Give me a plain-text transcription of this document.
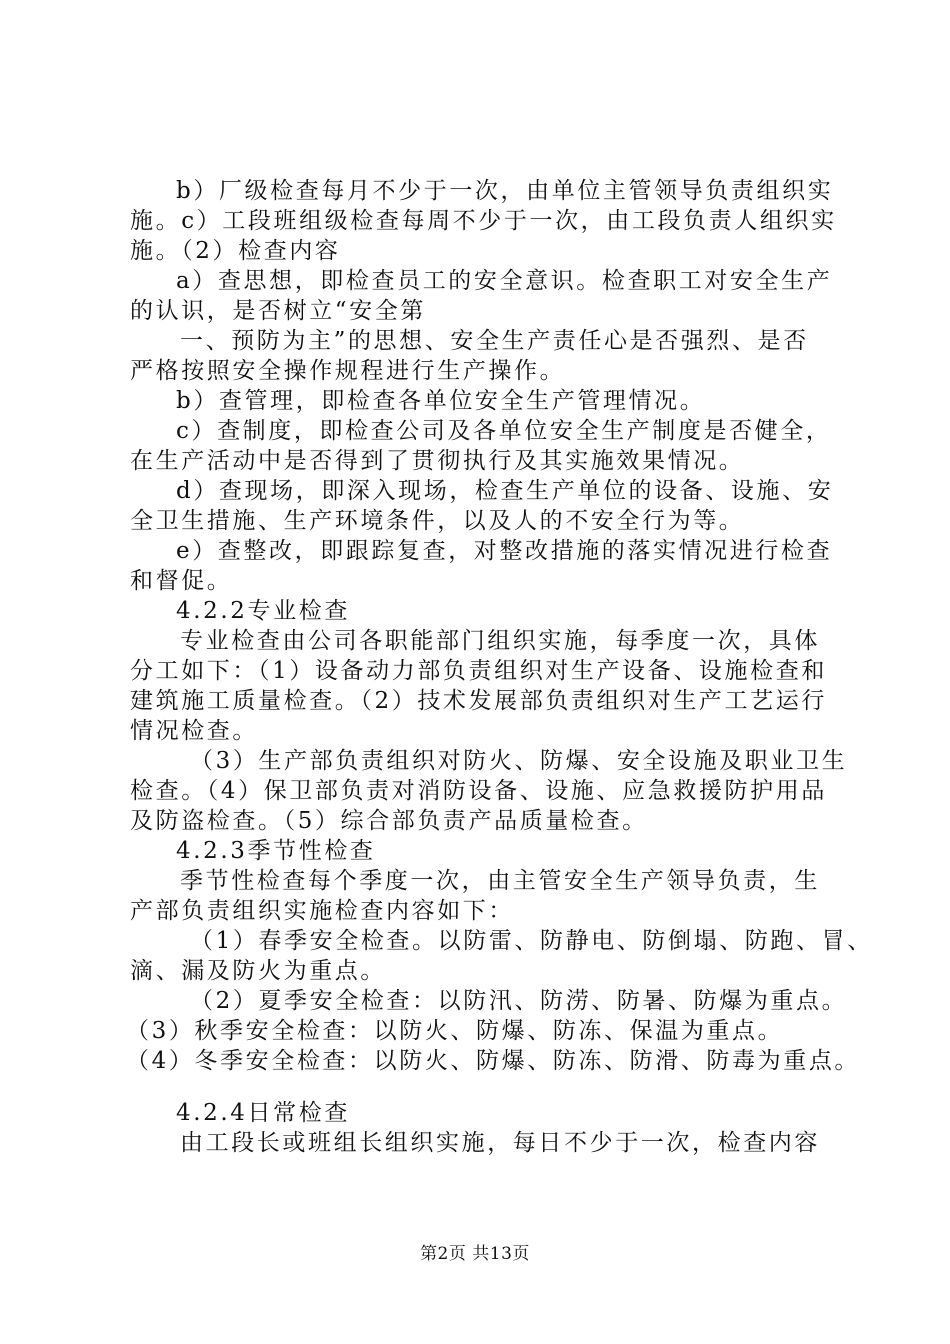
b）厂级检查每月不少于一次，由单位主管领导负责组织实
施。c）工段班组级检查每周不少于一次，由工段负责人组织实
施。（2）检查内容
a）查思想，即检查员工的安全意识。检查职工对安全生产
的认识，是否树立“安全第
一、预防为主”的思想、安全生产责任心是否强烈、是否
严格按照安全操作规程进行生产操作。
b）查管理，即检查各单位安全生产管理情况。
c）查制度，即检查公司及各单位安全生产制度是否健全，
在生产活动中是否得到了贯彻执行及其实施效果情况。
d）查现场，即深入现场，检查生产单位的设备、设施、安
全卫生措施、生产环境条件，以及人的不安全行为等。
e）查整改，即跟踪复查，对整改措施的落实情况进行检查
和督促。
4.2.2专业检查
专业检查由公司各职能部门组织实施，每季度一次，具体
分工如下：（1）设备动力部负责组织对生产设备、设施检查和
建筑施工质量检查。（2）技术发展部负责组织对生产工艺运行
情况检查。
（3）生产部负责组织对防火、防爆、安全设施及职业卫生
检查。（4）保卫部负责对消防设备、设施、应急救援防护用品
及防盗检查。（5）综合部负责产品质量检查。
4.2.3季节性检查
季节性检查每个季度一次，由主管安全生产领导负责，生
产部负责组织实施检查内容如下：
（1）春季安全检查。以防雷、防静电、防倒塌、防跑、冒、
滴、漏及防火为重点。
（2）夏季安全检查：以防汛、防涝、防暑、防爆为重点。
（3）秋季安全检查：以防火、防爆、防冻、保温为重点。
（4）冬季安全检查：以防火、防爆、防冻、防滑、防毒为重点。
4.2.4日常检查
由工段长或班组长组织实施，每日不少于一次，检查内容
第2页 共13页
